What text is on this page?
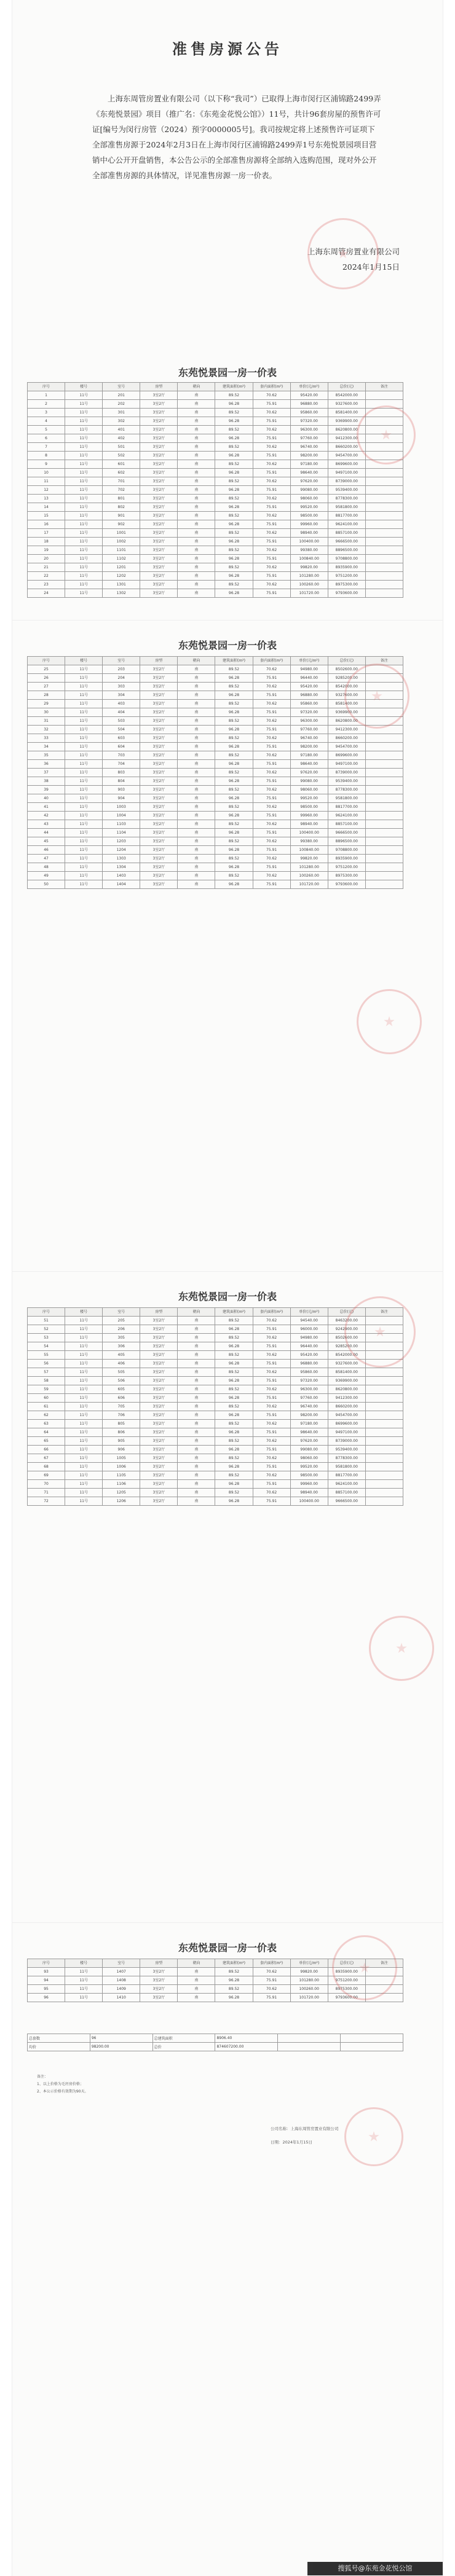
准售房源公告

上海东周管房置业有限公司（以下称“我司”）已取得上海市闵行区浦锦路2499弄《东苑悦景园》项目（推广名：《东苑金花悦公馆》）11号，共计96套房屋的预售许可证[编号为闵行房管（2024）预字0000005号]。我司按规定将上述预售许可证项下全部准售房源于2024年2月3日在上海市闵行区浦锦路2499弄1号东苑悦景园项目营销中心公开开盘销售，本公告公示的全部准售房源将全部纳入选购范围，现对外公开全部准售房源的具体情况，详见准售房源一房一价表。

上海东周管房置业有限公司
2024年1月15日
东苑悦景园一房一价表
序号	楼号	室号	房型	朝向	建筑面积(m²)	套内面积(m²)	单价(元/m²)	总价(元)	备注
1	11号	201	3室2厅	南	89.52	70.62	95420.00	8542000.00	
2	11号	202	3室2厅	南	96.28	75.91	96880.00	9327600.00	
3	11号	301	3室2厅	南	89.52	70.62	95860.00	8581400.00	
4	11号	302	3室2厅	南	96.28	75.91	97320.00	9369900.00	
5	11号	401	3室2厅	南	89.52	70.62	96300.00	8620800.00	
6	11号	402	3室2厅	南	96.28	75.91	97760.00	9412300.00	
7	11号	501	3室2厅	南	89.52	70.62	96740.00	8660200.00	
8	11号	502	3室2厅	南	96.28	75.91	98200.00	9454700.00	
9	11号	601	3室2厅	南	89.52	70.62	97180.00	8699600.00	
10	11号	602	3室2厅	南	96.28	75.91	98640.00	9497100.00	
11	11号	701	3室2厅	南	89.52	70.62	97620.00	8739000.00	
12	11号	702	3室2厅	南	96.28	75.91	99080.00	9539400.00	
13	11号	801	3室2厅	南	89.52	70.62	98060.00	8778300.00	
14	11号	802	3室2厅	南	96.28	75.91	99520.00	9581800.00	
15	11号	901	3室2厅	南	89.52	70.62	98500.00	8817700.00	
16	11号	902	3室2厅	南	96.28	75.91	99960.00	9624100.00	
17	11号	1001	3室2厅	南	89.52	70.62	98940.00	8857100.00	
18	11号	1002	3室2厅	南	96.28	75.91	100400.00	9666500.00	
19	11号	1101	3室2厅	南	89.52	70.62	99380.00	8896500.00	
20	11号	1102	3室2厅	南	96.28	75.91	100840.00	9708800.00	
21	11号	1201	3室2厅	南	89.52	70.62	99820.00	8935900.00	
22	11号	1202	3室2厅	南	96.28	75.91	101280.00	9751200.00	
23	11号	1301	3室2厅	南	89.52	70.62	100260.00	8975300.00	
24	11号	1302	3室2厅	南	96.28	75.91	101720.00	9793600.00	
东苑悦景园一房一价表
序号	楼号	室号	房型	朝向	建筑面积(m²)	套内面积(m²)	单价(元/m²)	总价(元)	备注
25	11号	203	3室2厅	南	89.52	70.62	94980.00	8502600.00	
26	11号	204	3室2厅	南	96.28	75.91	96440.00	9285200.00	
27	11号	303	3室2厅	南	89.52	70.62	95420.00	8542000.00	
28	11号	304	3室2厅	南	96.28	75.91	96880.00	9327600.00	
29	11号	403	3室2厅	南	89.52	70.62	95860.00	8581400.00	
30	11号	404	3室2厅	南	96.28	75.91	97320.00	9369900.00	
31	11号	503	3室2厅	南	89.52	70.62	96300.00	8620800.00	
32	11号	504	3室2厅	南	96.28	75.91	97760.00	9412300.00	
33	11号	603	3室2厅	南	89.52	70.62	96740.00	8660200.00	
34	11号	604	3室2厅	南	96.28	75.91	98200.00	9454700.00	
35	11号	703	3室2厅	南	89.52	70.62	97180.00	8699600.00	
36	11号	704	3室2厅	南	96.28	75.91	98640.00	9497100.00	
37	11号	803	3室2厅	南	89.52	70.62	97620.00	8739000.00	
38	11号	804	3室2厅	南	96.28	75.91	99080.00	9539400.00	
39	11号	903	3室2厅	南	89.52	70.62	98060.00	8778300.00	
40	11号	904	3室2厅	南	96.28	75.91	99520.00	9581800.00	
41	11号	1003	3室2厅	南	89.52	70.62	98500.00	8817700.00	
42	11号	1004	3室2厅	南	96.28	75.91	99960.00	9624100.00	
43	11号	1103	3室2厅	南	89.52	70.62	98940.00	8857100.00	
44	11号	1104	3室2厅	南	96.28	75.91	100400.00	9666500.00	
45	11号	1203	3室2厅	南	89.52	70.62	99380.00	8896500.00	
46	11号	1204	3室2厅	南	96.28	75.91	100840.00	9708800.00	
47	11号	1303	3室2厅	南	89.52	70.62	99820.00	8935900.00	
48	11号	1304	3室2厅	南	96.28	75.91	101280.00	9751200.00	
49	11号	1403	3室2厅	南	89.52	70.62	100260.00	8975300.00	
50	11号	1404	3室2厅	南	96.28	75.91	101720.00	9793600.00	
东苑悦景园一房一价表
序号	楼号	室号	房型	朝向	建筑面积(m²)	套内面积(m²)	单价(元/m²)	总价(元)	备注
51	11号	205	3室2厅	南	89.52	70.62	94540.00	8463200.00	
52	11号	206	3室2厅	南	96.28	75.91	96000.00	9242900.00	
53	11号	305	3室2厅	南	89.52	70.62	94980.00	8502600.00	
54	11号	306	3室2厅	南	96.28	75.91	96440.00	9285200.00	
55	11号	405	3室2厅	南	89.52	70.62	95420.00	8542000.00	
56	11号	406	3室2厅	南	96.28	75.91	96880.00	9327600.00	
57	11号	505	3室2厅	南	89.52	70.62	95860.00	8581400.00	
58	11号	506	3室2厅	南	96.28	75.91	97320.00	9369900.00	
59	11号	605	3室2厅	南	89.52	70.62	96300.00	8620800.00	
60	11号	606	3室2厅	南	96.28	75.91	97760.00	9412300.00	
61	11号	705	3室2厅	南	89.52	70.62	96740.00	8660200.00	
62	11号	706	3室2厅	南	96.28	75.91	98200.00	9454700.00	
63	11号	805	3室2厅	南	89.52	70.62	97180.00	8699600.00	
64	11号	806	3室2厅	南	96.28	75.91	98640.00	9497100.00	
65	11号	905	3室2厅	南	89.52	70.62	97620.00	8739000.00	
66	11号	906	3室2厅	南	96.28	75.91	99080.00	9539400.00	
67	11号	1005	3室2厅	南	89.52	70.62	98060.00	8778300.00	
68	11号	1006	3室2厅	南	96.28	75.91	99520.00	9581800.00	
69	11号	1105	3室2厅	南	89.52	70.62	98500.00	8817700.00	
70	11号	1106	3室2厅	南	96.28	75.91	99960.00	9624100.00	
71	11号	1205	3室2厅	南	89.52	70.62	98940.00	8857100.00	
72	11号	1206	3室2厅	南	96.28	75.91	100400.00	9666500.00	
东苑悦景园一房一价表
序号	楼号	室号	房型	朝向	建筑面积(m²)	套内面积(m²)	单价(元/m²)	总价(元)	备注
93	11号	1407	3室2厅	南	89.52	70.62	99820.00	8935900.00	
94	11号	1408	3室2厅	南	96.28	75.91	101280.00	9751200.00	
95	11号	1409	3室2厅	南	89.52	70.62	100260.00	8975300.00	
96	11号	1410	3室2厅	南	96.28	75.91	101720.00	9793600.00	
总套数	96	总建筑面积	8906.40		
均价	98200.00	总价	874607200.00		
备注：
1、以上价格为毛坯房价格；
2、本公示价格有效期为90天。
公司名称：上海东周管房置业有限公司
日期：2024年1月15日
搜狐号@东苑金花悦公馆
